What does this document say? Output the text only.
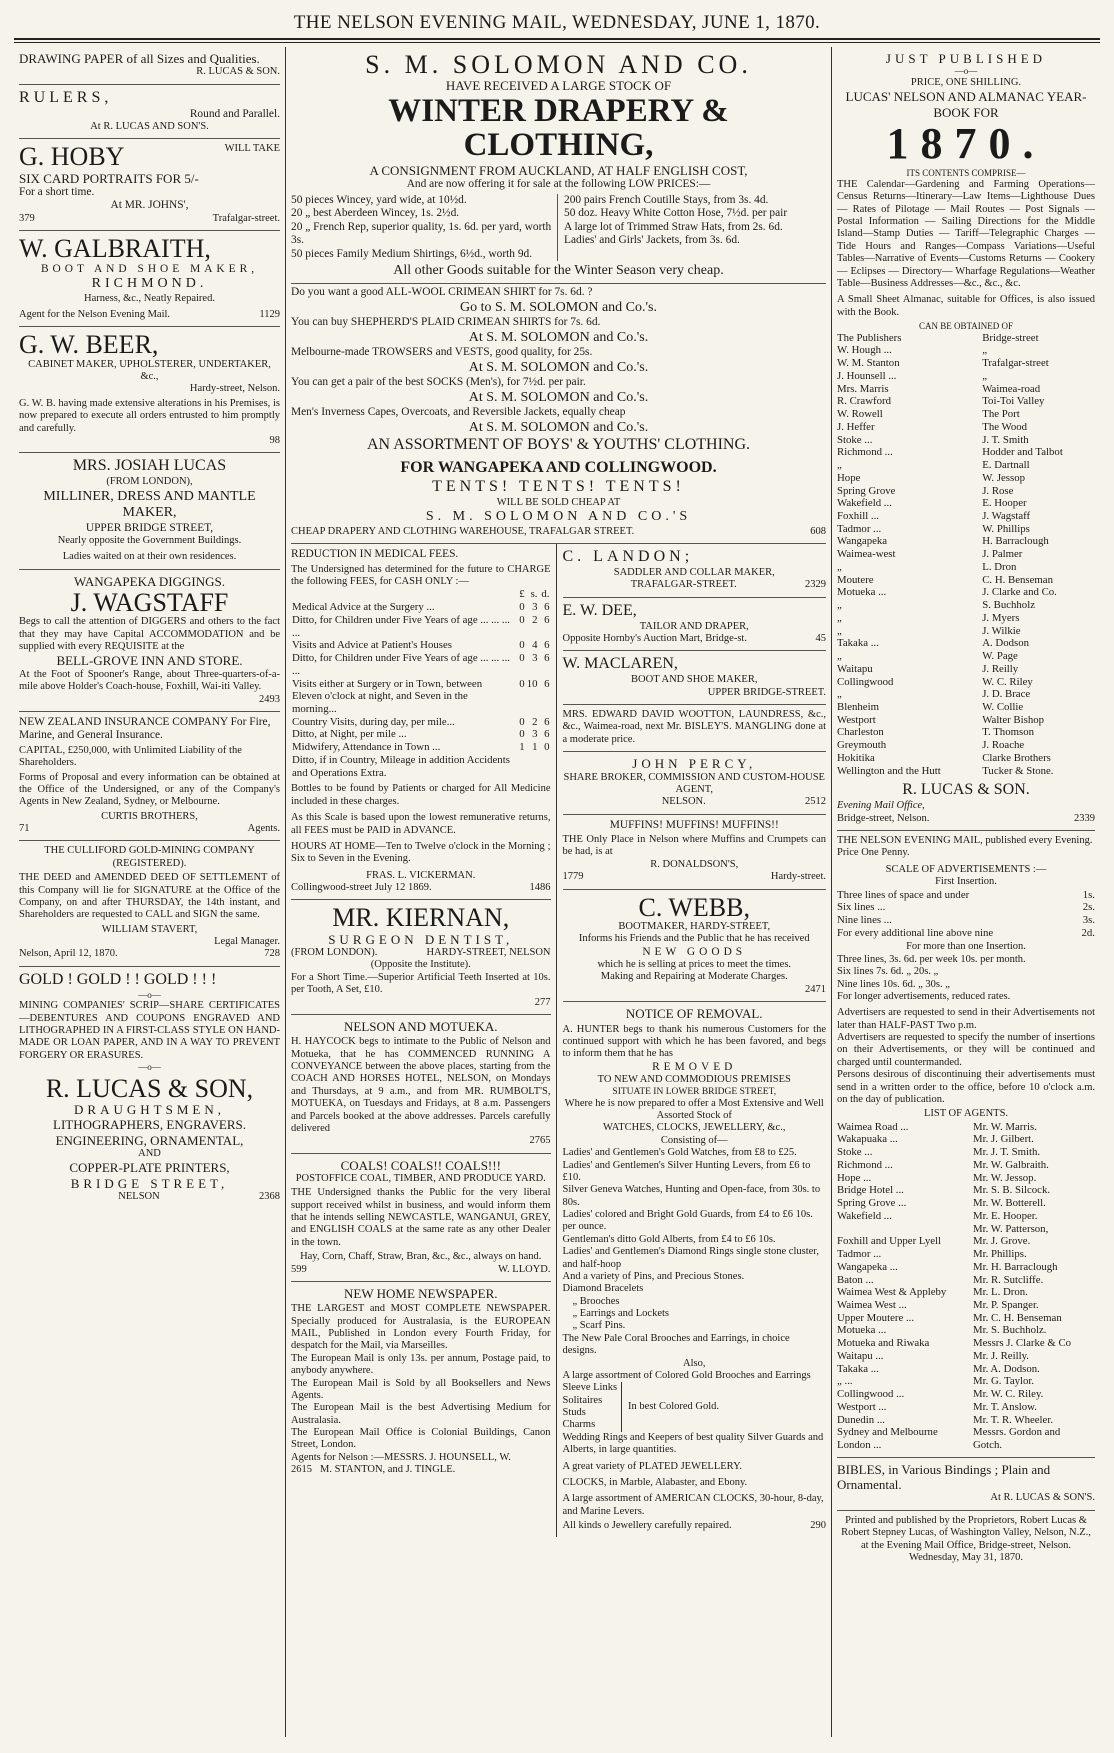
THE NELSON EVENING MAIL, WEDNESDAY, JUNE 1, 1870.

DRAWING PAPER of all Sizes and Qualities.

R. LUCAS & SON.

RULERS,

Round and Parallel.

At R. LUCAS AND SON'S.

G. HOBY	WILL TAKE

SIX CARD PORTRAITS FOR 5/-

For a short time.

At MR. JOHNS',

379	Trafalgar-street.

W. GALBRAITH,

BOOT AND SHOE MAKER,

RICHMOND.

Harness, &c., Neatly Repaired.

Agent for the Nelson Evening Mail.	1129

G. W. BEER,

CABINET MAKER, UPHOLSTERER, UNDERTAKER, &c.,

Hardy-street, Nelson.

G. W. B. having made extensive alterations in his Premises, is now prepared to execute all orders entrusted to him promptly and carefully.

98

MRS. JOSIAH LUCAS

(FROM LONDON),

MILLINER, DRESS AND MANTLE MAKER,

UPPER BRIDGE STREET,

Nearly opposite the Government Buildings.

Ladies waited on at their own residences.

WANGAPEKA DIGGINGS.

J. WAGSTAFF

Begs to call the attention of DIGGERS and others to the fact that they may have Capital ACCOMMODATION and be supplied with every REQUISITE at the

BELL-GROVE INN AND STORE.

At the Foot of Spooner's Range, about Three-quarters-of-a-mile above Holder's Coach-house, Foxhill, Wai-iti Valley.

2493

NEW ZEALAND INSURANCE COMPANY For Fire, Marine, and General Insurance.

CAPITAL, £250,000, with Unlimited Liability of the Shareholders.

Forms of Proposal and every information can be obtained at the Office of the Undersigned, or any of the Company's Agents in New Zealand, Sydney, or Melbourne.

CURTIS BROTHERS,

71	Agents.

THE CULLIFORD GOLD-MINING COMPANY (REGISTERED).

THE DEED and AMENDED DEED OF SETTLEMENT of this Company will lie for SIGNATURE at the Office of the Company, on and after THURSDAY, the 14th instant, and Shareholders are requested to CALL and SIGN the same.

WILLIAM STAVERT,

Legal Manager.

Nelson, April 12, 1870.	728

GOLD ! GOLD ! ! GOLD ! ! !

—o—

MINING COMPANIES' SCRIP—SHARE CERTIFICATES—DEBENTURES AND COUPONS ENGRAVED AND LITHOGRAPHED IN A FIRST-CLASS STYLE ON HAND-MADE OR LOAN PAPER, AND IN A WAY TO PREVENT FORGERY OR ERASURES.

—o—

R. LUCAS & SON,

DRAUGHTSMEN,

LITHOGRAPHERS, ENGRAVERS.

ENGINEERING, ORNAMENTAL,

AND

COPPER-PLATE PRINTERS,

BRIDGE STREET,

NELSON	2368

S. M. SOLOMON AND CO.

HAVE RECEIVED A LARGE STOCK OF

WINTER DRAPERY & CLOTHING,

A CONSIGNMENT FROM AUCKLAND, AT HALF ENGLISH COST,

And are now offering it for sale at the following LOW PRICES:—

50 pieces Wincey, yard wide, at 10½d.

20 „ best Aberdeen Wincey, 1s. 2½d.

20 „ French Rep, superior quality, 1s. 6d. per yard, worth 3s.

50 pieces Family Medium Shirtings, 6½d., worth 9d.

200 pairs French Coutille Stays, from 3s. 4d.

50 doz. Heavy White Cotton Hose, 7½d. per pair

A large lot of Trimmed Straw Hats, from 2s. 6d.

Ladies' and Girls' Jackets, from 3s. 6d.

All other Goods suitable for the Winter Season very cheap.

Do you want a good ALL-WOOL CRIMEAN SHIRT for 7s. 6d. ?

Go to S. M. SOLOMON and Co.'s.

You can buy SHEPHERD'S PLAID CRIMEAN SHIRTS for 7s. 6d.

At S. M. SOLOMON and Co.'s.

Melbourne-made TROWSERS and VESTS, good quality, for 25s.

At S. M. SOLOMON and Co.'s.

You can get a pair of the best SOCKS (Men's), for 7½d. per pair.

At S. M. SOLOMON and Co.'s.

Men's Inverness Capes, Overcoats, and Reversible Jackets, equally cheap

At S. M. SOLOMON and Co.'s.

AN ASSORTMENT OF BOYS' & YOUTHS' CLOTHING.

FOR WANGAPEKA AND COLLINGWOOD.

TENTS! TENTS! TENTS!

WILL BE SOLD CHEAP AT

S. M. SOLOMON AND CO.'S

CHEAP DRAPERY AND CLOTHING WAREHOUSE, TRAFALGAR STREET.	608

REDUCTION IN MEDICAL FEES.

The Undersigned has determined for the future to CHARGE the following FEES, for CASH ONLY :—

	£	s.	d.
Medical Advice at the Surgery ...	0	3	6
Ditto, for Children under Five Years of age ... ... ... ...	0	2	6
Visits and Advice at Patient's Houses	0	4	6
Ditto, for Children under Five Years of age ... ... ... ...	0	3	6
Visits either at Surgery or in Town, between Eleven o'clock at night, and Seven in the morning...	0	10	6
Country Visits, during day, per mile...	0	2	6
Ditto, at Night, per mile ...	0	3	6
Midwifery, Attendance in Town ...	1	1	0
Ditto, if in Country, Mileage in addition Accidents and Operations Extra.			

Bottles to be found by Patients or charged for All Medicine included in these charges.

As this Scale is based upon the lowest remunerative returns, all FEES must be PAID in ADVANCE.

HOURS AT HOME—Ten to Twelve o'clock in the Morning ; Six to Seven in the Evening.

FRAS. L. VICKERMAN.

Collingwood-street July 12 1869.	1486

MR. KIERNAN,

SURGEON DENTIST,

(FROM LONDON).	HARDY-STREET, NELSON

(Opposite the Institute).

For a Short Time.—Superior Artificial Teeth Inserted at 10s. per Tooth, A Set, £10.

277

NELSON AND MOTUEKA.

H. HAYCOCK begs to intimate to the Public of Nelson and Motueka, that he has COMMENCED RUNNING A CONVEYANCE between the above places, starting from the COACH AND HORSES HOTEL, NELSON, on Mondays and Thursdays, at 9 a.m., and from MR. RUMBOLT'S, MOTUEKA, on Tuesdays and Fridays, at 8 a.m. Passengers and Parcels booked at the above addresses. Parcels carefully delivered

2765

COALS! COALS!! COALS!!!

POSTOFFICE COAL, TIMBER, AND PRODUCE YARD.

THE Undersigned thanks the Public for the very liberal support received whilst in business, and would inform them that he intends selling NEWCASTLE, WANGANUI, GREY, and ENGLISH COALS at the same rate as any other Dealer in the town.

Hay, Corn, Chaff, Straw, Bran, &c., &c., always on hand.

599	W. LLOYD.

NEW HOME NEWSPAPER.

THE LARGEST and MOST COMPLETE NEWSPAPER. Specially produced for Australasia, is the EUROPEAN MAIL, Published in London every Fourth Friday, for despatch for the Mail, via Marseilles.

The European Mail is only 13s. per annum, Postage paid, to anybody anywhere.

The European Mail is Sold by all Booksellers and News Agents.

The European Mail is the best Advertising Medium for Australasia.

The European Mail Office is Colonial Buildings, Canon Street, London.

Agents for Nelson :—MESSRS. J. HOUNSELL, W.

2615 M. STANTON, and J. TINGLE.

C. LANDON;

SADDLER AND COLLAR MAKER,

TRAFALGAR-STREET.	2329

E. W. DEE,

TAILOR AND DRAPER,

Opposite Hornby's Auction Mart, Bridge-st.	45

W. MACLAREN,

BOOT AND SHOE MAKER,

UPPER BRIDGE-STREET.

MRS. EDWARD DAVID WOOTTON, LAUNDRESS, &c., &c., Waimea-road, next Mr. BISLEY'S. MANGLING done at a moderate price.

JOHN PERCY,

SHARE BROKER, COMMISSION AND CUSTOM-HOUSE AGENT,

NELSON.	2512

MUFFINS! MUFFINS! MUFFINS!!

THE Only Place in Nelson where Muffins and Crumpets can be had, is at

R. DONALDSON'S,

1779	Hardy-street.

C. WEBB,

BOOTMAKER, HARDY-STREET,

Informs his Friends and the Public that he has received

NEW GOODS

which he is selling at prices to meet the times.

Making and Repairing at Moderate Charges.

2471

NOTICE OF REMOVAL.

A. HUNTER begs to thank his numerous Customers for the continued support with which he has been favored, and begs to inform them that he has

REMOVED

TO NEW AND COMMODIOUS PREMISES

SITUATE IN LOWER BRIDGE STREET,

Where he is now prepared to offer a Most Extensive and Well Assorted Stock of

WATCHES, CLOCKS, JEWELLERY, &c.,

Consisting of—

Ladies' and Gentlemen's Gold Watches, from £8 to £25.

Ladies' and Gentlemen's Silver Hunting Levers, from £6 to £10.

Silver Geneva Watches, Hunting and Open-face, from 30s. to 80s.

Ladies' colored and Bright Gold Guards, from £4 to £6 10s. per ounce.

Gentleman's ditto Gold Alberts, from £4 to £6 10s.

Ladies' and Gentlemen's Diamond Rings single stone cluster, and half-hoop

And a variety of Pins, and Precious Stones.

Diamond Bracelets

„ Brooches

„ Earrings and Lockets

„ Scarf Pins.

The New Pale Coral Brooches and Earrings, in choice designs.

Also,

A large assortment of Colored Gold Brooches and Earrings

Sleeve Links

Solitaires

Studs

Charms

In best Colored Gold.

Wedding Rings and Keepers of best quality Silver Guards and Alberts, in large quantities.

A great variety of PLATED JEWELLERY.

CLOCKS, in Marble, Alabaster, and Ebony.

A large assortment of AMERICAN CLOCKS, 30-hour, 8-day, and Marine Levers.

All kinds o Jewellery carefully repaired.	290

JUST PUBLISHED

—o—

PRICE, ONE SHILLING.

LUCAS' NELSON AND ALMANAC YEAR-BOOK FOR

1870.

ITS CONTENTS COMPRISE—

THE Calendar—Gardening and Farming Operations—Census Returns—Itinerary—Law Items—Lighthouse Dues — Rates of Pilotage — Mail Routes — Post Signals — Postal Information — Sailing Directions for the Middle Island—Stamp Duties — Tariff—Telegraphic Charges — Tide Hours and Ranges—Compass Variations—Useful Tables—Narrative of Events—Customs Returns — Cookery — Eclipses — Directory— Wharfage Regulations—Weather Table—Business Addresses—&c., &c., &c.

A Small Sheet Almanac, suitable for Offices, is also issued with the Book.

CAN BE OBTAINED OF

The Publishers	Bridge-street
W. Hough ...	„
W. M. Stanton	Trafalgar-street
J. Hounsell ...	„
Mrs. Marris	Waimea-road
R. Crawford	Toi-Toi Valley
W. Rowell	The Port
J. Heffer	The Wood
Stoke ...	J. T. Smith
Richmond ...	Hodder and Talbot
„	E. Dartnall
Hope	W. Jessop
Spring Grove	J. Rose
Wakefield ...	E. Hooper
Foxhill ...	J. Wagstaff
Tadmor ...	W. Phillips
Wangapeka	H. Barraclough
Waimea-west	J. Palmer
„	L. Dron
Moutere	C. H. Benseman
Motueka ...	J. Clarke and Co.
„	S. Buchholz
„	J. Myers
„	J. Wilkie
Takaka ...	A. Dodson
„	W. Page
Waitapu	J. Reilly
Collingwood	W. C. Riley
„	J. D. Brace
Blenheim	W. Collie
Westport	Walter Bishop
Charleston	T. Thomson
Greymouth	J. Roache
Hokitika	Clarke Brothers
Wellington and the Hutt	Tucker & Stone.

R. LUCAS & SON.

Evening Mail Office,

Bridge-street, Nelson.	2339

THE NELSON EVENING MAIL, published every Evening. Price One Penny.

SCALE OF ADVERTISEMENTS :—

First Insertion.

Three lines of space and under	1s.
Six lines ...	2s.
Nine lines ...	3s.
For every additional line above nine	2d.

For more than one Insertion.

Three lines, 3s. 6d. per week 10s. per month.

Six lines 7s. 6d. „ 20s. „

Nine lines 10s. 6d. „ 30s. „

For longer advertisements, reduced rates.

Advertisers are requested to send in their Advertisements not later than HALF-PAST Two p.m.

Advertisers are requested to specify the number of insertions on their Advertisements, or they will be continued and charged until countermanded.

Persons desirous of discontinuing their advertisements must send in a written order to the office, before 10 o'clock a.m. on the day of publication.

LIST OF AGENTS.

Waimea Road ...	Mr. W. Marris.
Wakapuaka ...	Mr. J. Gilbert.
Stoke ...	Mr. J. T. Smith.
Richmond ...	Mr. W. Galbraith.
Hope ...	Mr. W. Jessop.
Bridge Hotel ...	Mr. S. B. Silcock.
Spring Grove ...	Mr. W. Botterell.
Wakefield ...	Mr. E. Hooper.
	Mr. W. Patterson,
Foxhill and Upper Lyell	Mr. J. Grove.
Tadmor ...	Mr. Phillips.
Wangapeka ...	Mr. H. Barraclough
Baton ...	Mr. R. Sutcliffe.
Waimea West & Appleby	Mr. L. Dron.
Waimea West ...	Mr. P. Spanger.
Upper Moutere ...	Mr. C. H. Benseman
Motueka ...	Mr. S. Buchholz.
Motueka and Riwaka	Messrs J. Clarke & Co
Waitapu ...	Mr. J. Reilly.
Takaka ...	Mr. A. Dodson.
„ ...	Mr. G. Taylor.
Collingwood ...	Mr. W. C. Riley.
Westport ...	Mr. T. Anslow.
Dunedin ...	Mr. T. R. Wheeler.
Sydney and Melbourne	Messrs. Gordon and
London ...	Gotch.

BIBLES, in Various Bindings ; Plain and Ornamental.

At R. LUCAS & SON'S.

Printed and published by the Proprietors, Robert Lucas & Robert Stepney Lucas, of Washington Valley, Nelson, N.Z., at the Evening Mail Office, Bridge-street, Nelson. Wednesday, May 31, 1870.
